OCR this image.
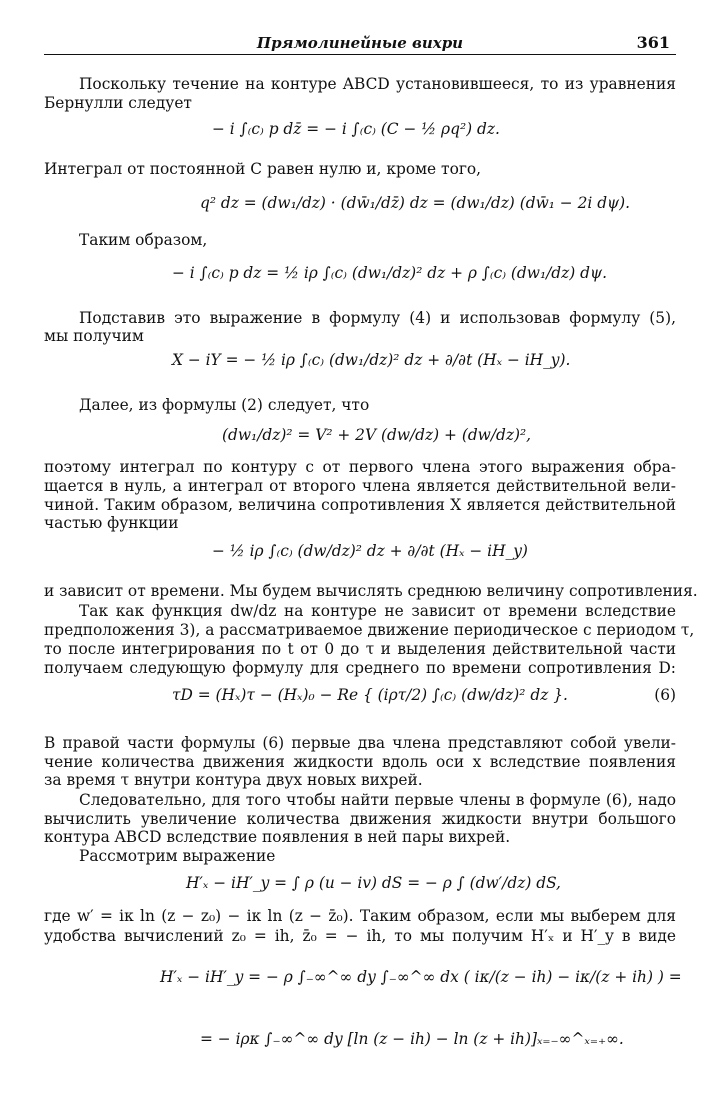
Прямолинейные вихри	361
Поскольку течение на контуре ABCD установившееся, то из уравнения
Бернулли следует
− i ∫₍c₎ p dz̄ = − i ∫₍c₎ (C − ½ ρq²) dz.
Интеграл от постоянной C равен нулю и, кроме того,
q² dz = (dw₁/dz) · (dw̄₁/dz̄) dz = (dw₁/dz) (dw̄₁ − 2i dψ).
Таким образом,
− i ∫₍c₎ p dz = ½ iρ ∫₍c₎ (dw₁/dz)² dz + ρ ∫₍c₎ (dw₁/dz) dψ.
Подставив это выражение в формулу (4) и использовав формулу (5),
мы получим
X − iY = − ½ iρ ∫₍c₎ (dw₁/dz)² dz + ∂/∂t (Hₓ − iH_y).
Далее, из формулы (2) следует, что
(dw₁/dz)² = V² + 2V (dw/dz) + (dw/dz)²,
поэтому интеграл по контуру c от первого члена этого выражения обра-
щается в нуль, а интеграл от второго члена является действительной вели-
чиной. Таким образом, величина сопротивления X является действительной
частью функции
− ½ iρ ∫₍c₎ (dw/dz)² dz + ∂/∂t (Hₓ − iH_y)
и зависит от времени. Мы будем вычислять среднюю величину сопротивления.
Так как функция dw/dz на контуре не зависит от времени вследствие
предположения 3), а рассматриваемое движение периодическое с периодом τ,
то после интегрирования по t от 0 до τ и выделения действительной части
получаем следующую формулу для среднего по времени сопротивления D:
τD = (Hₓ)τ − (Hₓ)₀ − Re { (iρτ/2) ∫₍c₎ (dw/dz)² dz }.	(6)
В правой части формулы (6) первые два члена представляют собой увели-
чение количества движения жидкости вдоль оси x вследствие появления
за время τ внутри контура двух новых вихрей.
Следовательно, для того чтобы найти первые члены в формуле (6), надо
вычислить увеличение количества движения жидкости внутри большого
контура ABCD вследствие появления в ней пары вихрей.
Рассмотрим выражение
H′ₓ − iH′_y = ∫ ρ (u − iv) dS = − ρ ∫ (dw′/dz) dS,
где w′ = iκ ln (z − z₀) − iκ ln (z − z̄₀). Таким образом, если мы выберем для
удобства вычислений z₀ = ih, z̄₀ = − ih, то мы получим H′ₓ и H′_y в виде
H′ₓ − iH′_y = − ρ ∫₋∞^∞ dy ∫₋∞^∞ dx ( iκ/(z − ih) − iκ/(z + ih) ) =
= − iρκ ∫₋∞^∞ dy [ln (z − ih) − ln (z + ih)]ₓ₌₋∞^ₓ₌₊∞.
